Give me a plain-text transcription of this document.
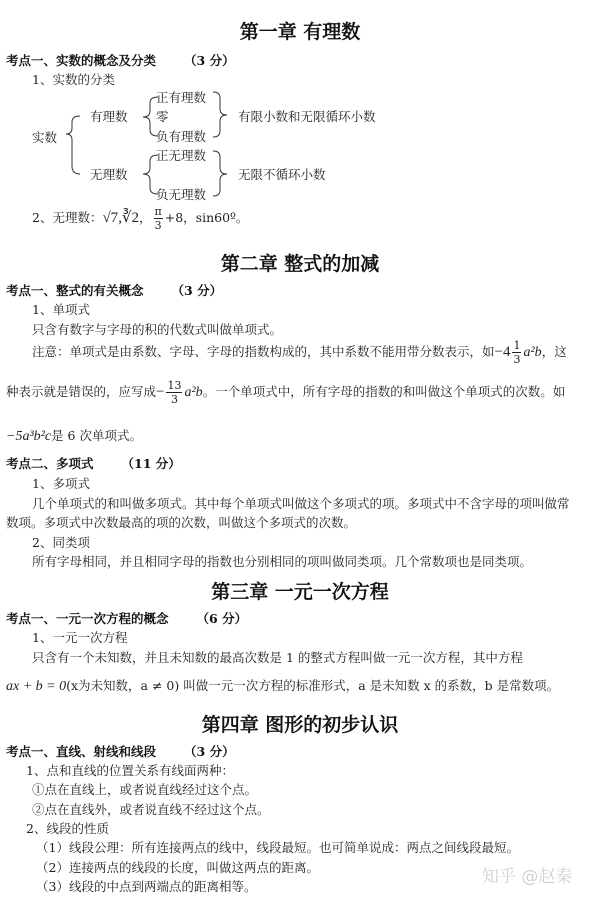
第一章 有理数
考点一、实数的概念及分类 （3 分）
1、实数的分类
实数
有理数
正有理数
零
负有理数
有限小数和无限循环小数
无理数
正无理数
负无理数
无限不循环小数
2、无理数：√7,∛2， $\frac{\pi}{3} +8$，sin60º。
第二章 整式的加减
考点一、整式的有关概念 （3 分）
1、单项式
只含有数字与字母的积的代数式叫做单项式。
注意：单项式是由系数、字母、字母的指数构成的，其中系数不能用带分数表示，如$-4 \frac{1}{3} a^2b$，这
种表示就是错误的，应写成− $\frac{13}{3} a^2b$。一个单项式中，所有字母的指数的和叫做这个单项式的次数。如
−5a³b²c是 6 次单项式。
考点二、多项式 （11 分）
1、多项式
几个单项式的和叫做多项式。其中每个单项式叫做这个多项式的项。多项式中不含字母的项叫做常
数项。多项式中次数最高的项的次数，叫做这个多项式的次数。
2、同类项
所有字母相同，并且相同字母的指数也分别相同的项叫做同类项。几个常数项也是同类项。
第三章 一元一次方程
考点一、一元一次方程的概念 （6 分）
1、一元一次方程
只含有一个未知数，并且未知数的最高次数是 1 的整式方程叫做一元一次方程，其中方程
ax + b = 0(x为未知数，a ≠ 0) 叫做一元一次方程的标准形式，a 是未知数 x 的系数，b 是常数项。
第四章 图形的初步认识
考点一、直线、射线和线段 （3 分）
1、点和直线的位置关系有线面两种：
①点在直线上，或者说直线经过这个点。
②点在直线外，或者说直线不经过这个点。
2、线段的性质
（1）线段公理：所有连接两点的线中，线段最短。也可简单说成：两点之间线段最短。
（2）连接两点的线段的长度，叫做这两点的距离。
（3）线段的中点到两端点的距离相等。	知乎 @赵秦
